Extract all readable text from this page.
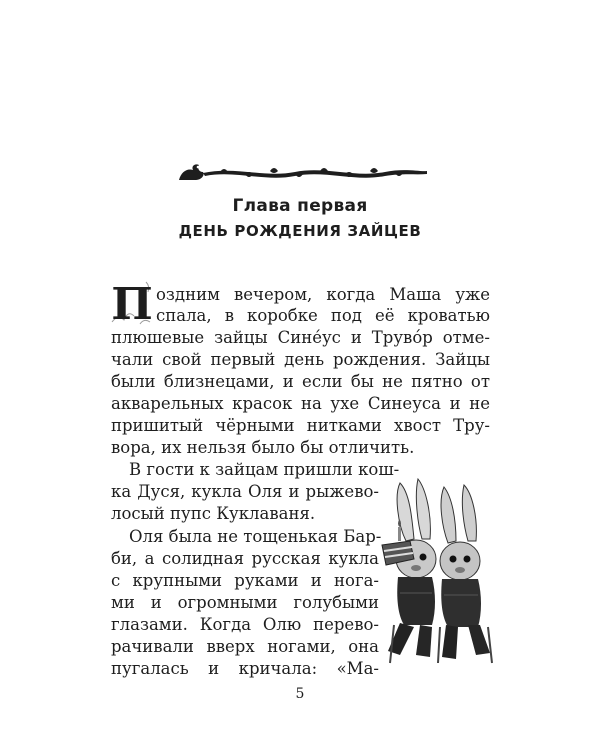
Глава первая
ДЕНЬ РОЖДЕНИЯ ЗАЙЦЕВ
П оздним вечером, когда Маша уже
спала, в коробке под её кроватью
плюшевые зайцы Сине́ус и Трувóр отме-
чали свой первый день рождения. Зайцы
были близнецами, и если бы не пятно от
акварельных красок на ухе Синеуса и не
пришитый чёрными нитками хвост Тру-
вора, их нельзя было бы отличить.
В гости к зайцам пришли кош-
ка Дуся, кукла Оля и рыжево-
лосый пупс Куклаваня.
Оля была не тощенькая Бар-
би, а солидная русская кукла
с крупными руками и нога-
ми и огромными голубыми
глазами. Когда Олю перево-
рачивали вверх ногами, она
пугалась и кричала: «Ма-
5
